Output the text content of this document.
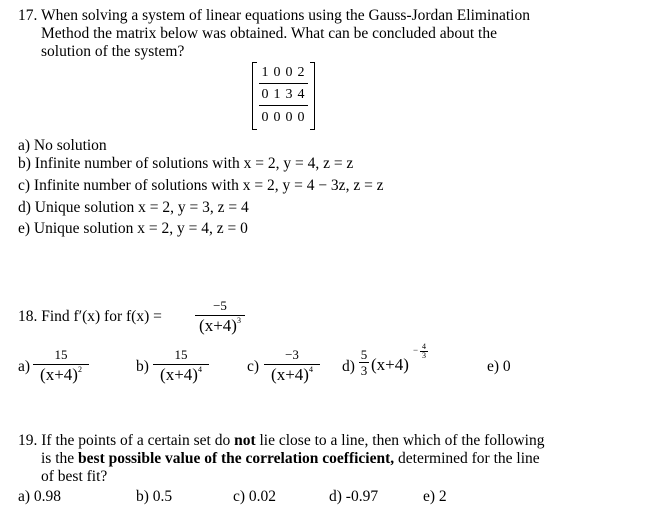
17. When solving a system of linear equations using the Gauss-Jordan Elimination
Method the matrix below was obtained. What can be concluded about the
solution of the system?
1 0 0 2
0 1 3 4
0 0 0 0
a) No solution
b) Infinite number of solutions with x = 2, y = 4, z = z
c) Infinite number of solutions with x = 2, y = 4 − 3z, z = z
d) Unique solution x = 2, y = 3, z = 4
e) Unique solution x = 2, y = 4, z = 0
18. Find f′(x) for f(x) =
−5
$(x+4)^3$
a)
15
$(x+4)^2$	b)
15
$(x+4)^4$	c)
−3
$(x+4)^4$	d)
5
3 (x+4)
− 4
3
e) 0
19. If the points of a certain set do not lie close to a line, then which of the following
is the best possible value of the correlation coefficient, determined for the line
of best fit?
a) 0.98	b) 0.5	c) 0.02	d) -0.97	e) 2
